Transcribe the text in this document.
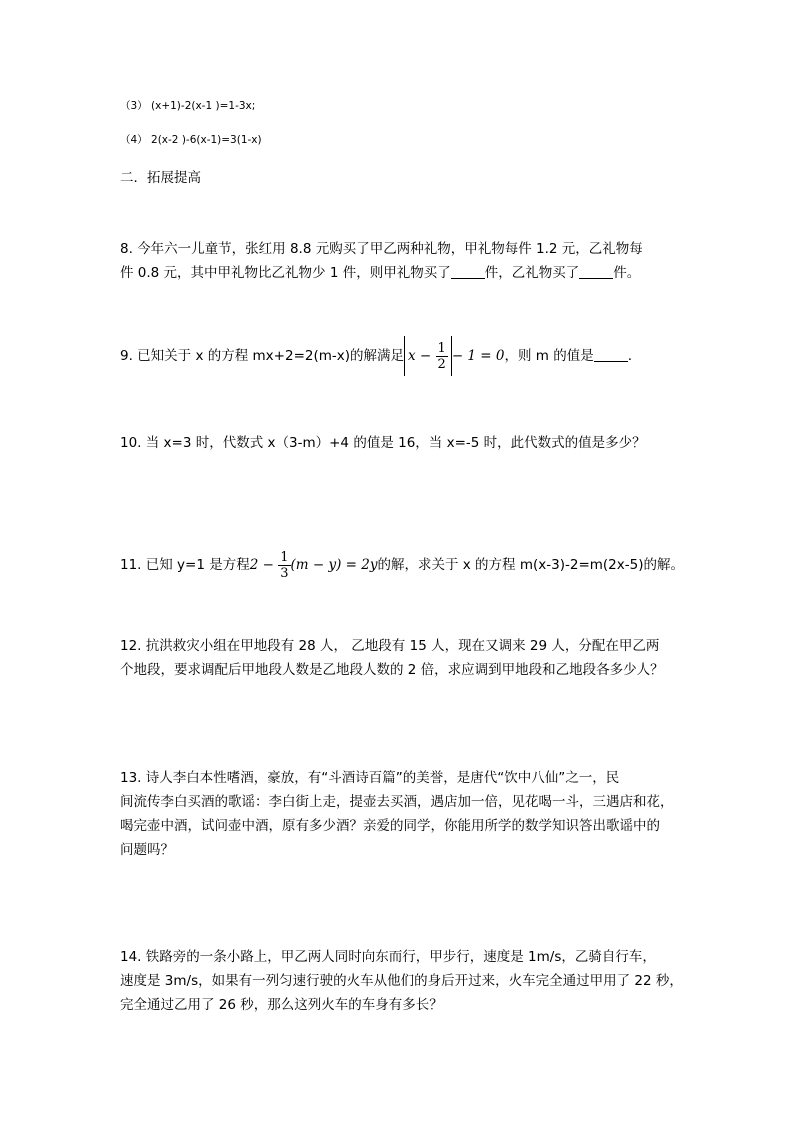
（3） (x+1)-2(x-1 )=1-3x;
（4） 2(x-2 )-6(x-1)=3(1-x)
二．拓展提高
8. 今年六一儿童节，张红用 8.8 元购买了甲乙两种礼物，甲礼物每件 1.2 元，乙礼物每
件 0.8 元，其中甲礼物比乙礼物少 1 件，则甲礼物买了	件，乙礼物买了	件。
9. 已知关于 x 的方程 mx+2=2(m-x)的解满足 $x - \frac{1}{2} - 1 = 0$，则 m 的值是	.
10. 当 x=3 时，代数式 x（3-m）+4 的值是 16，当 x=-5 时，此代数式的值是多少？
11. 已知 y=1 是方程$2 - \frac{1}{3} (m - y) = 2y$的解，求关于 x 的方程 m(x-3)-2=m(2x-5)的解。
12. 抗洪救灾小组在甲地段有 28 人， 乙地段有 15 人，现在又调来 29 人，分配在甲乙两
个地段，要求调配后甲地段人数是乙地段人数的 2 倍，求应调到甲地段和乙地段各多少人？
13. 诗人李白本性嗜酒，豪放，有“斗酒诗百篇”的美誉，是唐代“饮中八仙”之一，民
间流传李白买酒的歌谣：李白街上走，提壶去买酒，遇店加一倍，见花喝一斗，三遇店和花，
喝完壶中酒，试问壶中酒，原有多少酒？亲爱的同学，你能用所学的数学知识答出歌谣中的
问题吗？
14. 铁路旁的一条小路上，甲乙两人同时向东而行，甲步行，速度是 1m/s，乙骑自行车，
速度是 3m/s，如果有一列匀速行驶的火车从他们的身后开过来，火车完全通过甲用了 22 秒，
完全通过乙用了 26 秒，那么这列火车的车身有多长？
